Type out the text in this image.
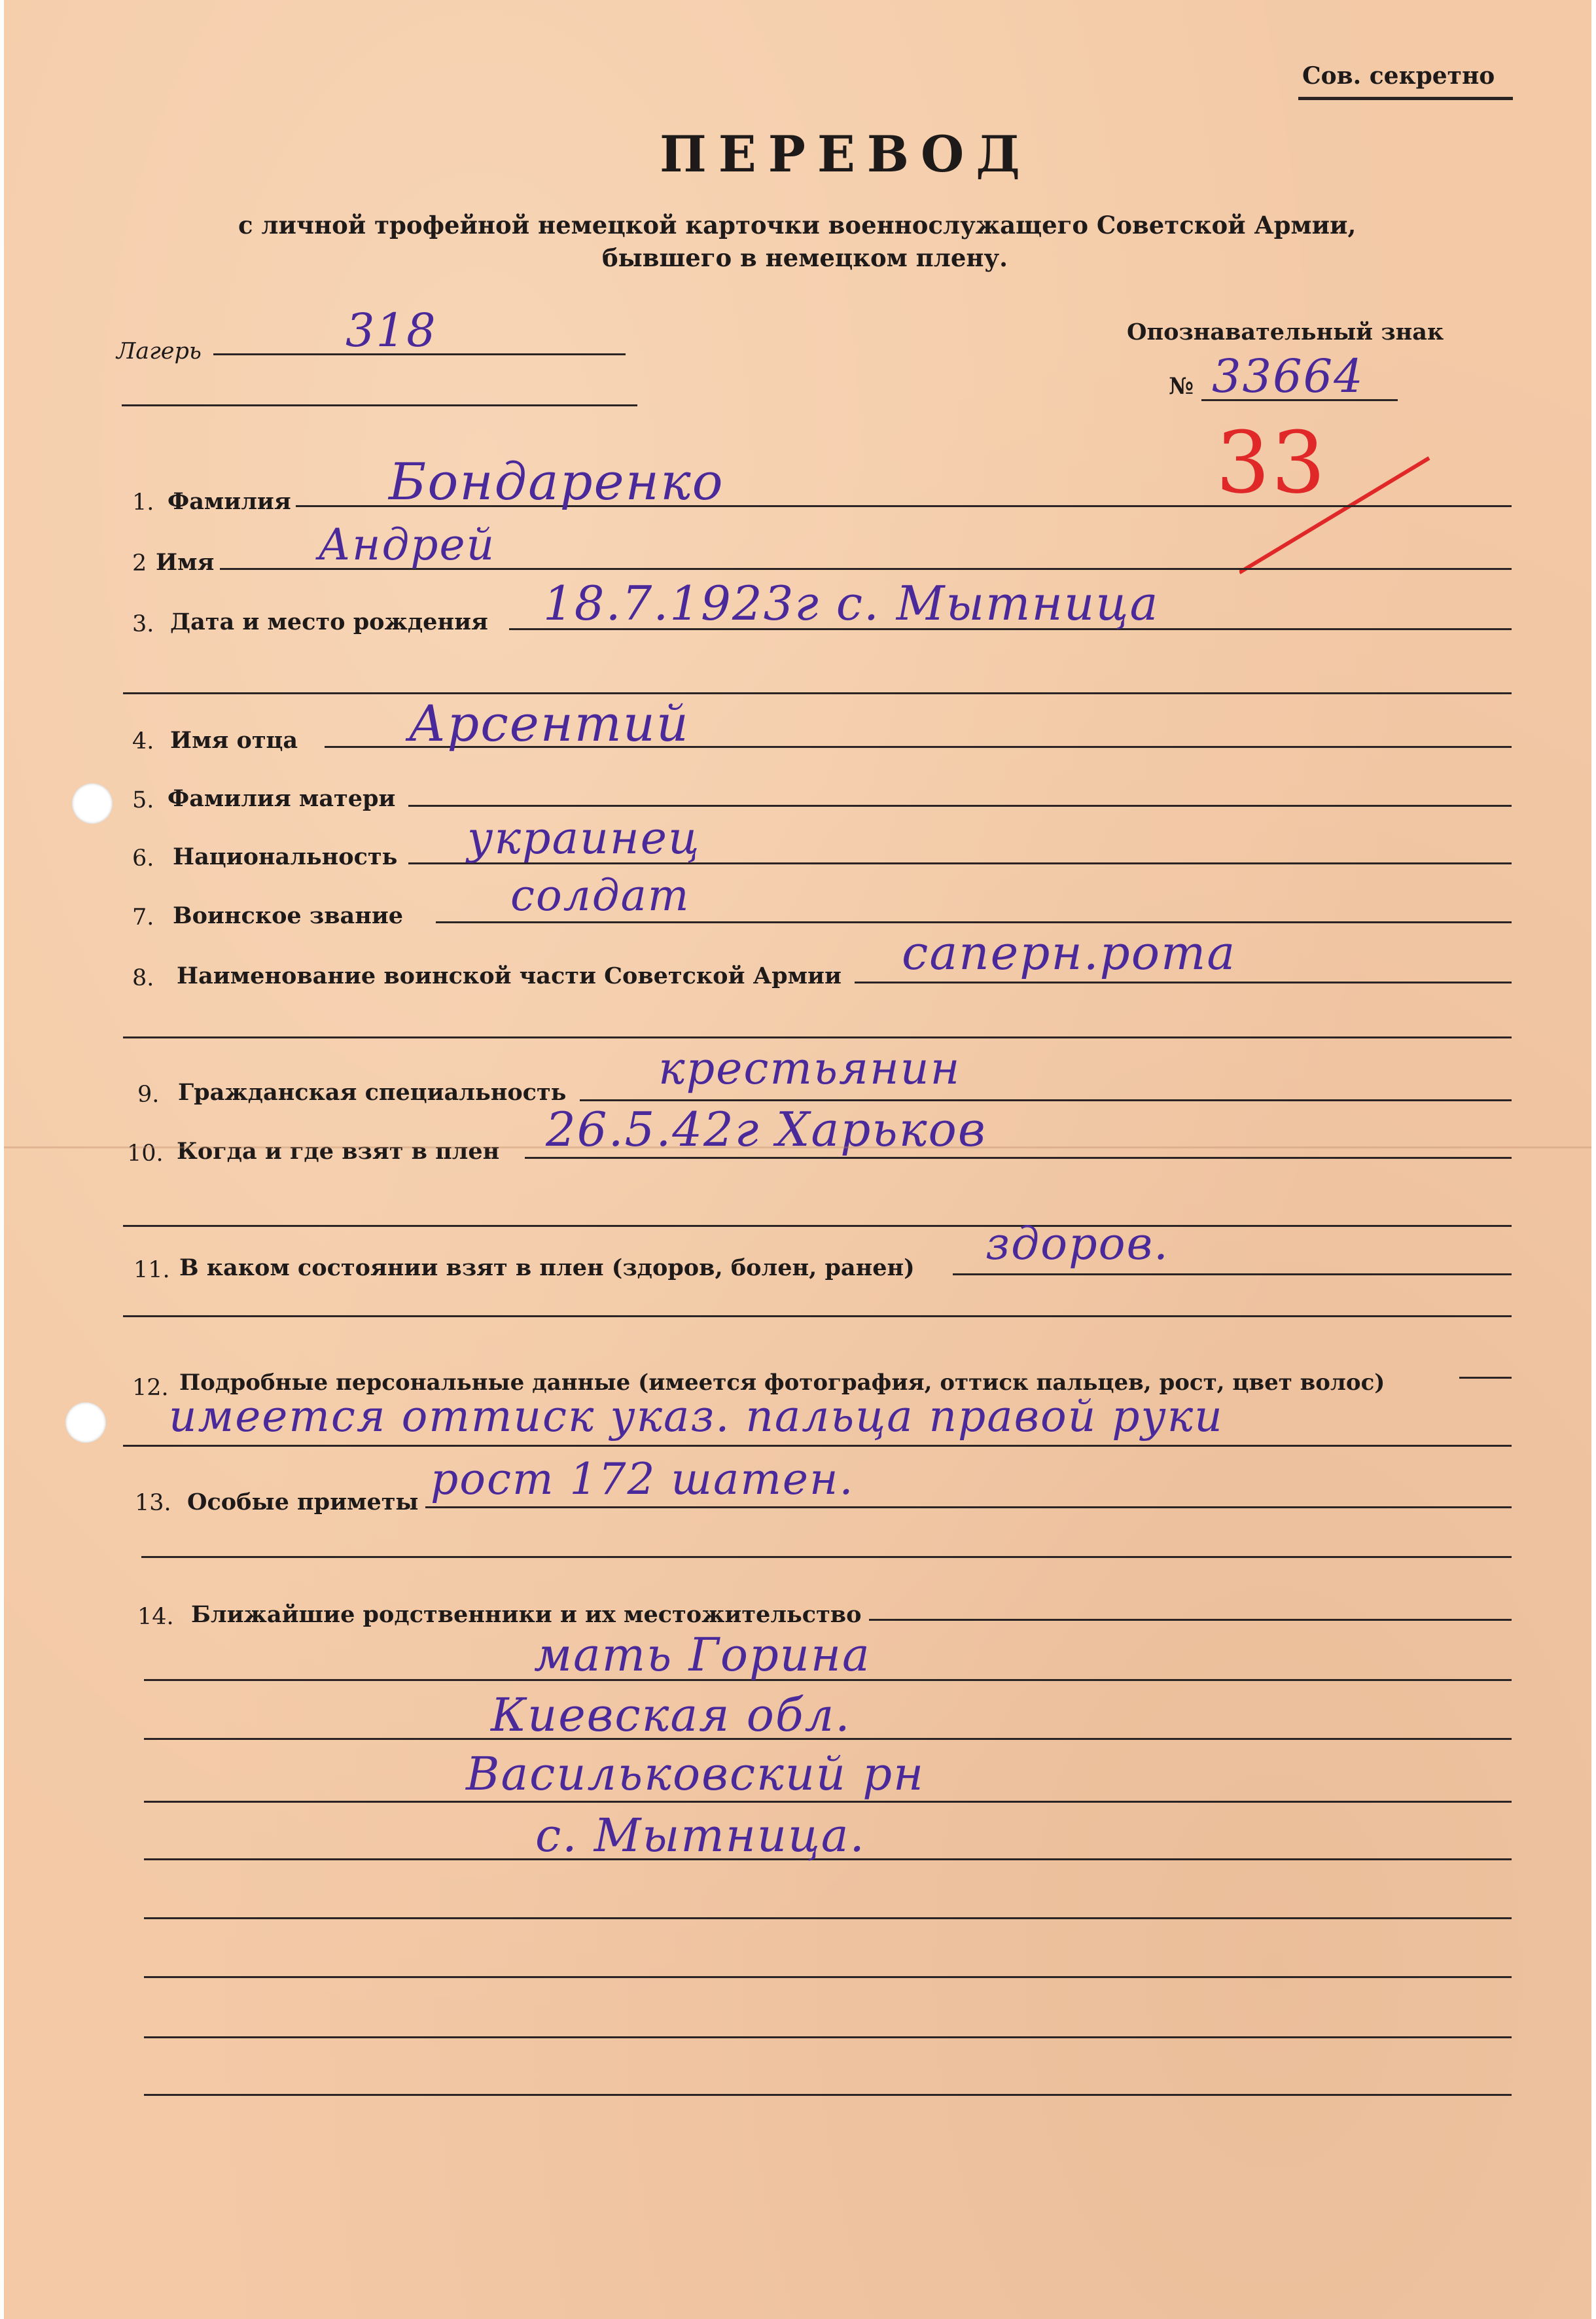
Сов. секретно
ПЕРЕВОД
с личной трофейной немецкой карточки военнослужащего Советской Армии,
бывшего в немецком плену.
Лагерь	318	Опознавательный знак
№ 33664
33
1. Фамилия Бондаренко
2 Имя Андрей
3. Дата и место рождения 18.7.1923г с. Мытница
4. Имя отца Арсентий
5. Фамилия матери
6. Национальность украинец
7. Воинское звание солдат
8. Наименование воинской части Советской Армии саперн.рота
9. Гражданская специальность крестьянин
10. Когда и где взят в плен 26.5.42г Харьков
11. В каком состоянии взят в плен (здоров, болен, ранен) здоров.
12. Подробные персональные данные (имеется фотография, оттиск пальцев, рост, цвет волос)
имеется оттиск указ. пальца правой руки
13. Особые приметы рост 172 шатен.
14. Ближайшие родственники и их местожительство
мать Горина
Киевская обл.
Васильковский рн
с. Мытница.
